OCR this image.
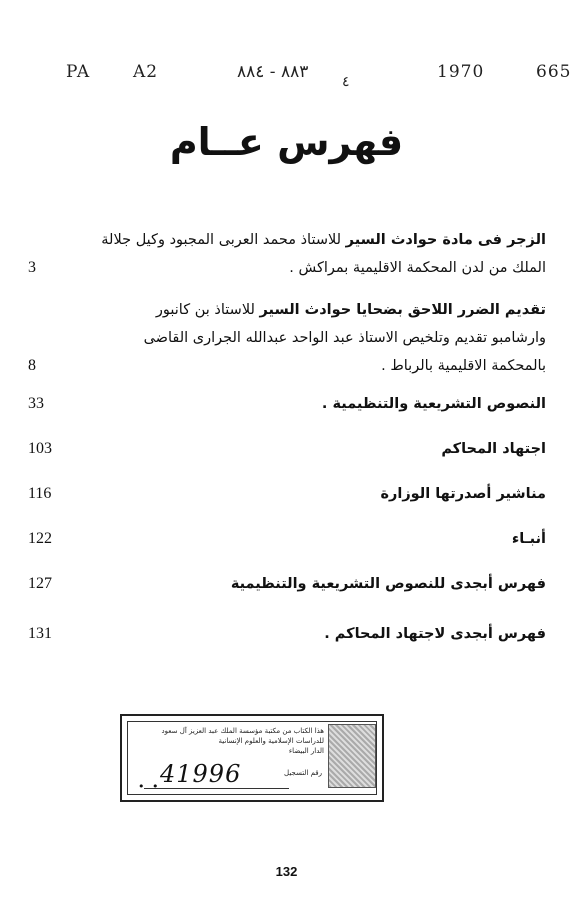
PA	A2	٨٨٣ - ٨٨٤ ٤	1970	665
فهرس عــام
الزجر فى مادة حوادث السير للاستاذ محمد العربى المجبود وكيل جلالة
الملك من لدن المحكمة الاقليمية بمراكش .
3
تقديم الضرر اللاحق بضحايا حوادث السير للاستاذ بن كانبور
وارشامبو تقديم وتلخيص الاستاذ عبد الواحد عبدالله الجرارى القاضى
بالمحكمة الاقليمية بالرباط .
8
النصوص التشريعية والتنظيمية .
33
اجتهاد المحاكم
103
مناشير أصدرتها الوزارة
116
أنبـاء
122
فهرس أبجدى للنصوص التشريعية والتنظيمية
127
فهرس أبجدى لاجتهاد المحاكم .
131
هذا الكتاب من مكتبة مؤسسة الملك عبد العزيز آل سعود
للدراسات الإسلامية والعلوم الإنسانية
الدار البيضاء
رقم التسجيل
41996
• •
132
